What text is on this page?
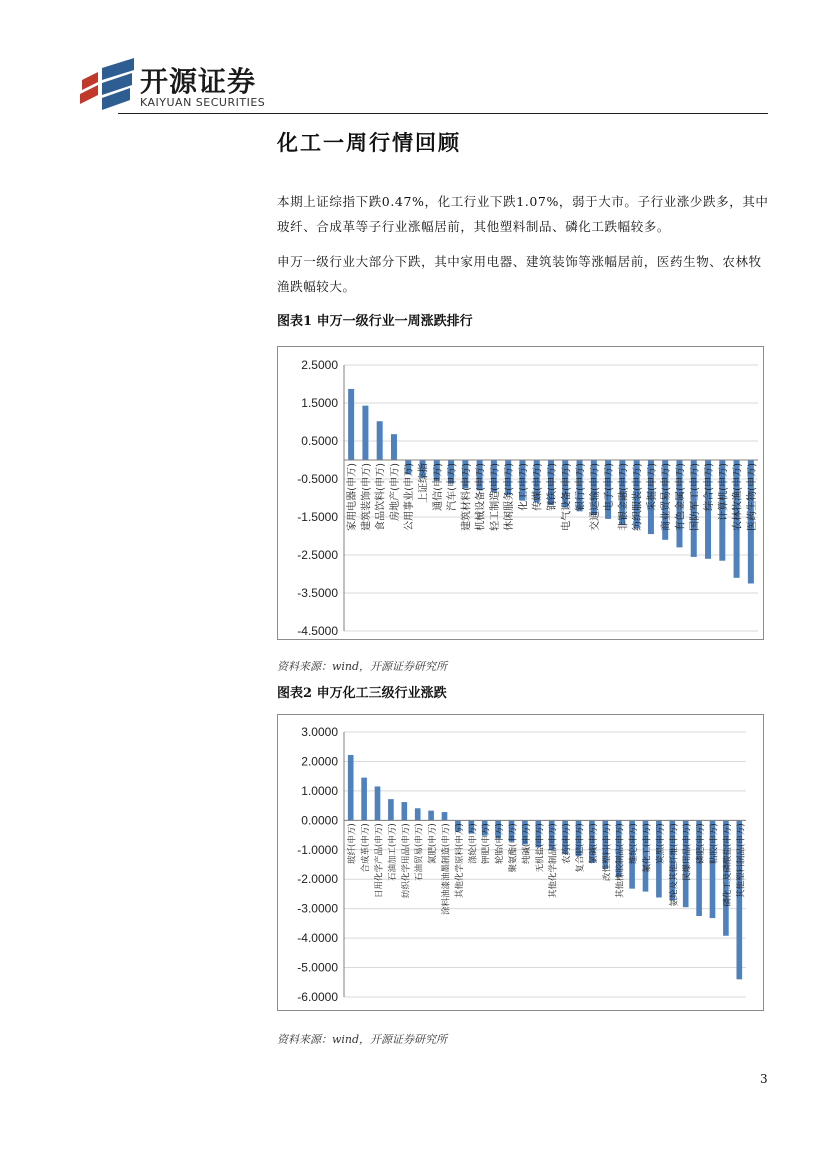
开源证券
KAIYUAN SECURITIES
化工一周行情回顾

本期上证综指下跌0.47%，化工行业下跌1.07%，弱于大市。子行业涨少跌多，其中玻纤、合成革等子行业涨幅居前，其他塑料制品、磷化工跌幅较多。

申万一级行业大部分下跌，其中家用电器、建筑装饰等涨幅居前，医药生物、农林牧渔跌幅较大。

图表1 申万一级行业一周涨跌排行

2.5000
1.5000
0.5000
-0.5000
-1.5000
-2.5000
-3.5000
-4.5000
家用电器(申万) 建筑装饰(申万) 食品饮料(申万) 房地产(申万) 公用事业(申万) 上证综指 通信(申万) 汽车(申万) 建筑材料(申万) 机械设备(申万) 轻工制造(申万) 休闲服务(申万) 化工(申万) 传媒(申万) 钢铁(申万) 电气设备(申万) 银行(申万) 交通运输(申万) 电子(申万) 非银金融(申万) 纺织服装(申万) 采掘(申万) 商业贸易(申万) 有色金属(申万) 国防军工(申万) 综合(申万) 计算机(申万) 农林牧渔(申万) 医药生物(申万)

资料来源：wind，开源证券研究所

图表2 申万化工三级行业涨跌

3.0000
2.0000
1.0000
0.0000
-1.0000
-2.0000
-3.0000
-4.0000
-5.0000
-6.0000
玻纤(申万) 合成革(申万) 日用化学产品(申万) 石油加工(申万) 纺织化学用品(申万) 石油贸易(申万) 氮肥(申万) 涂料油漆油墨制造(申万) 其他化学原料(申万) 涤纶(申万) 钾肥(申万) 轮胎(申万) 聚氨酯(申万) 纯碱(申万) 无机盐(申万) 其他化学制品(申万) 农药(申万) 复合肥(申万) 氯碱(申万) 改性塑料(申万) 其他橡胶制品(申万) 维纶(申万) 氟化工(申万) 炭黑(申万) 氨纶及其他纤维(申万) 民爆用品(申万) 磷肥(申万) 粘胶(申万) 磷化工及磷酸盐(申万) 其他塑料制品(申万)

资料来源：wind，开源证券研究所

3
